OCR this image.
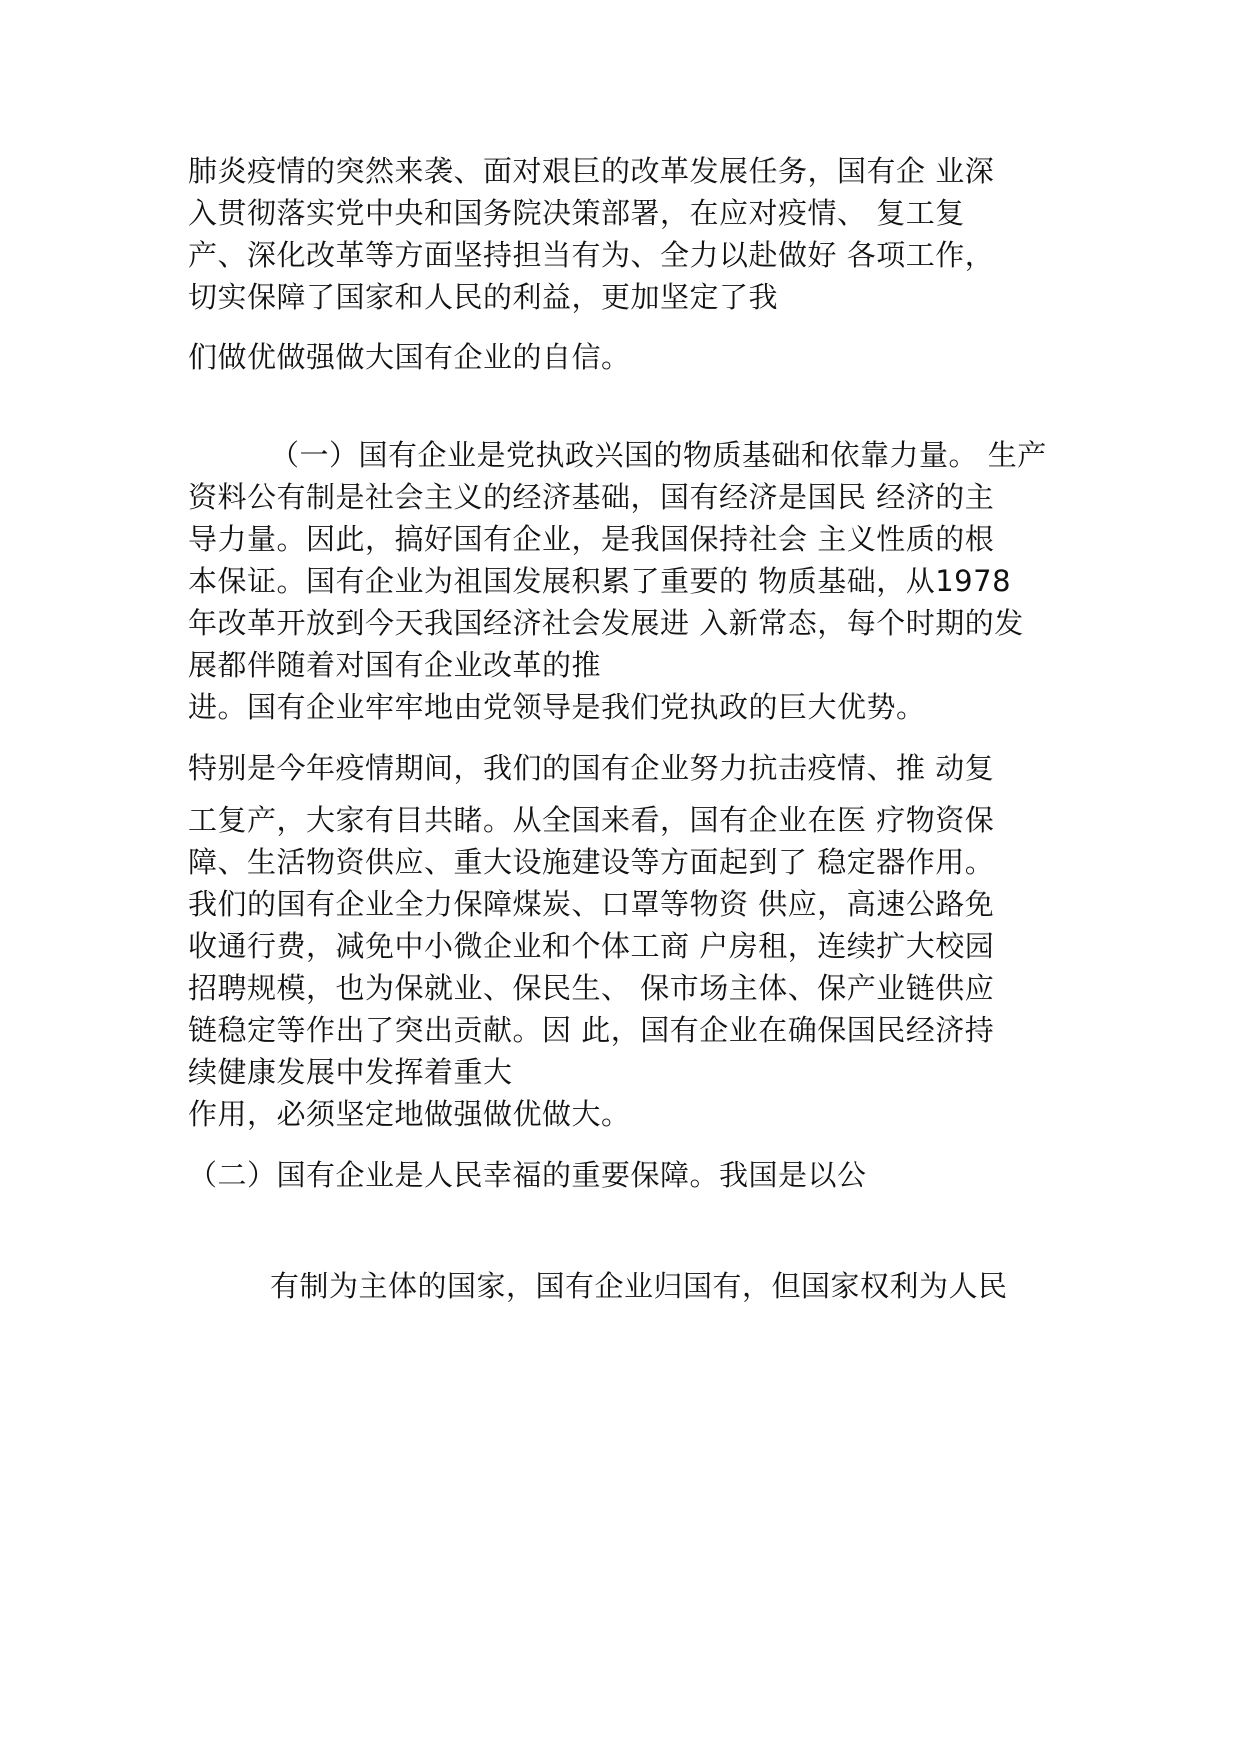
肺炎疫情的突然来袭、面对艰巨的改革发展任务，国有企 业深
入贯彻落实党中央和国务院决策部署，在应对疫情、 复工复
产、深化改革等方面坚持担当有为、全力以赴做好 各项工作，
切实保障了国家和人民的利益，更加坚定了我
们做优做强做大国有企业的自信。
（一）国有企业是党执政兴国的物质基础和依靠力量。 生产
资料公有制是社会主义的经济基础，国有经济是国民 经济的主
导力量。因此，搞好国有企业，是我国保持社会 主义性质的根
本保证。国有企业为祖国发展积累了重要的 物质基础，从1978
年改革开放到今天我国经济社会发展进 入新常态，每个时期的发
展都伴随着对国有企业改革的推
进。国有企业牢牢地由党领导是我们党执政的巨大优势。
特别是今年疫情期间，我们的国有企业努力抗击疫情、推 动复
工复产，大家有目共睹。从全国来看，国有企业在医 疗物资保
障、生活物资供应、重大设施建设等方面起到了 稳定器作用。
我们的国有企业全力保障煤炭、口罩等物资 供应，高速公路免
收通行费，减免中小微企业和个体工商 户房租，连续扩大校园
招聘规模，也为保就业、保民生、 保市场主体、保产业链供应
链稳定等作出了突出贡献。因 此，国有企业在确保国民经济持
续健康发展中发挥着重大
作用，必须坚定地做强做优做大。
（二）国有企业是人民幸福的重要保障。我国是以公
有制为主体的国家，国有企业归国有，但国家权利为人民
